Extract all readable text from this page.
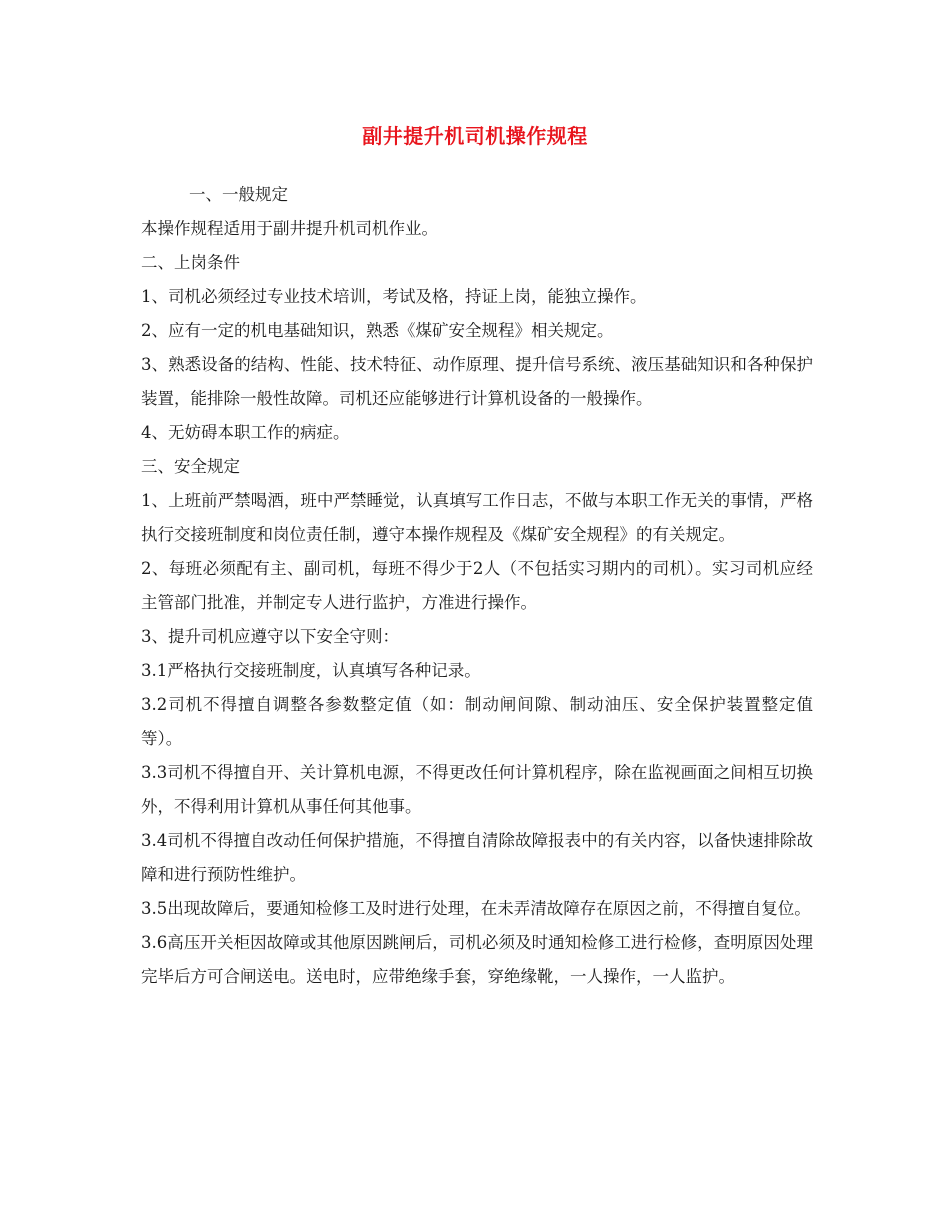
副井提升机司机操作规程

一、一般规定

本操作规程适用于副井提升机司机作业。

二、上岗条件

1、司机必须经过专业技术培训，考试及格，持证上岗，能独立操作。

2、应有一定的机电基础知识，熟悉《煤矿安全规程》相关规定。

3、熟悉设备的结构、性能、技术特征、动作原理、提升信号系统、液压基础知识和各种保护装置，能排除一般性故障。司机还应能够进行计算机设备的一般操作。

4、无妨碍本职工作的病症。

三、安全规定

1、上班前严禁喝酒，班中严禁睡觉，认真填写工作日志，不做与本职工作无关的事情，严格执行交接班制度和岗位责任制，遵守本操作规程及《煤矿安全规程》的有关规定。

2、每班必须配有主、副司机，每班不得少于2人（不包括实习期内的司机）。实习司机应经主管部门批准，并制定专人进行监护，方准进行操作。

3、提升司机应遵守以下安全守则：

3.1严格执行交接班制度，认真填写各种记录。

3.2司机不得擅自调整各参数整定值（如：制动闸间隙、制动油压、安全保护装置整定值等）。

3.3司机不得擅自开、关计算机电源，不得更改任何计算机程序，除在监视画面之间相互切换外，不得利用计算机从事任何其他事。

3.4司机不得擅自改动任何保护措施，不得擅自清除故障报表中的有关内容，以备快速排除故障和进行预防性维护。

3.5出现故障后，要通知检修工及时进行处理，在未弄清故障存在原因之前，不得擅自复位。

3.6高压开关柜因故障或其他原因跳闸后，司机必须及时通知检修工进行检修，查明原因处理完毕后方可合闸送电。送电时，应带绝缘手套，穿绝缘靴，一人操作，一人监护。
